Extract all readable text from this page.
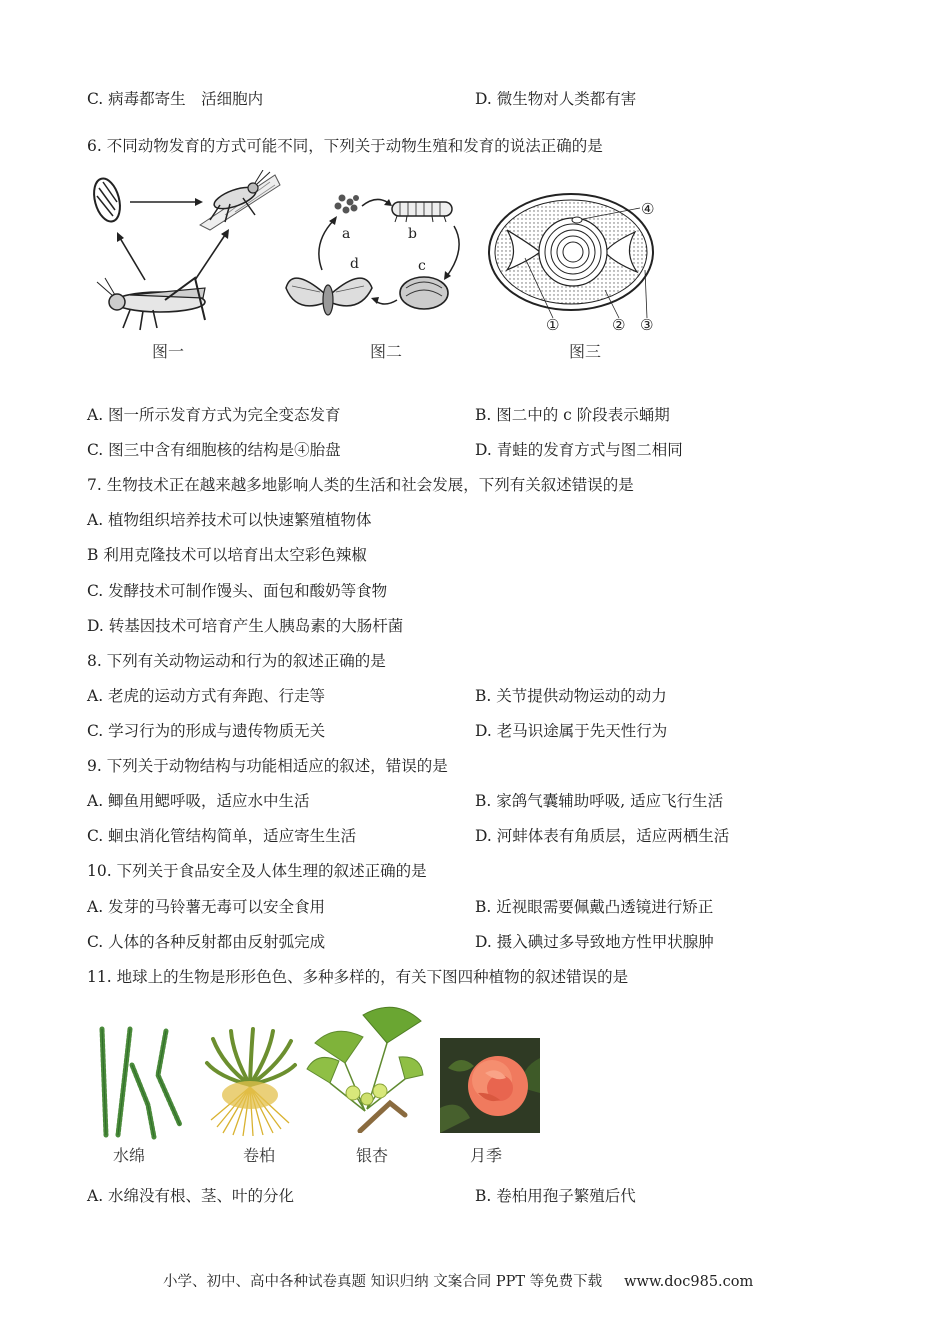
C. 病毒都寄生　活细胞内	D. 微生物对人类都有害
6. 不同动物发育的方式可能不同，下列关于动物生殖和发育的说法正确的是
图一
a	b
c
d
图二
④
①	② ③
图三
A. 图一所示发育方式为完全变态发育	B. 图二中的 c 阶段表示蛹期
C. 图三中含有细胞核的结构是④胎盘	D. 青蛙的发育方式与图二相同
7. 生物技术正在越来越多地影响人类的生活和社会发展，下列有关叙述错误的是
A. 植物组织培养技术可以快速繁殖植物体
B 利用克隆技术可以培育出太空彩色辣椒
C. 发酵技术可制作馒头、面包和酸奶等食物
D. 转基因技术可培育产生人胰岛素的大肠杆菌
8. 下列有关动物运动和行为的叙述正确的是
A. 老虎的运动方式有奔跑、行走等	B. 关节提供动物运动的动力
C. 学习行为的形成与遗传物质无关	D. 老马识途属于先天性行为
9. 下列关于动物结构与功能相适应的叙述，错误的是
A. 鲫鱼用鳃呼吸，适应水中生活	B. 家鸽气囊辅助呼吸, 适应飞行生活
C. 蛔虫消化管结构简单，适应寄生生活	D. 河蚌体表有角质层，适应两栖生活
10. 下列关于食品安全及人体生理的叙述正确的是
A. 发芽的马铃薯无毒可以安全食用	B. 近视眼需要佩戴凸透镜进行矫正
C. 人体的各种反射都由反射弧完成	D. 摄入碘过多导致地方性甲状腺肿
11. 地球上的生物是形形色色、多种多样的，有关下图四种植物的叙述错误的是
水绵	卷柏	银杏	月季
A. 水绵没有根、茎、叶的分化	B. 卷柏用孢子繁殖后代
小学、初中、高中各种试卷真题 知识归纳 文案合同 PPT 等免费下载 www.doc985.com
